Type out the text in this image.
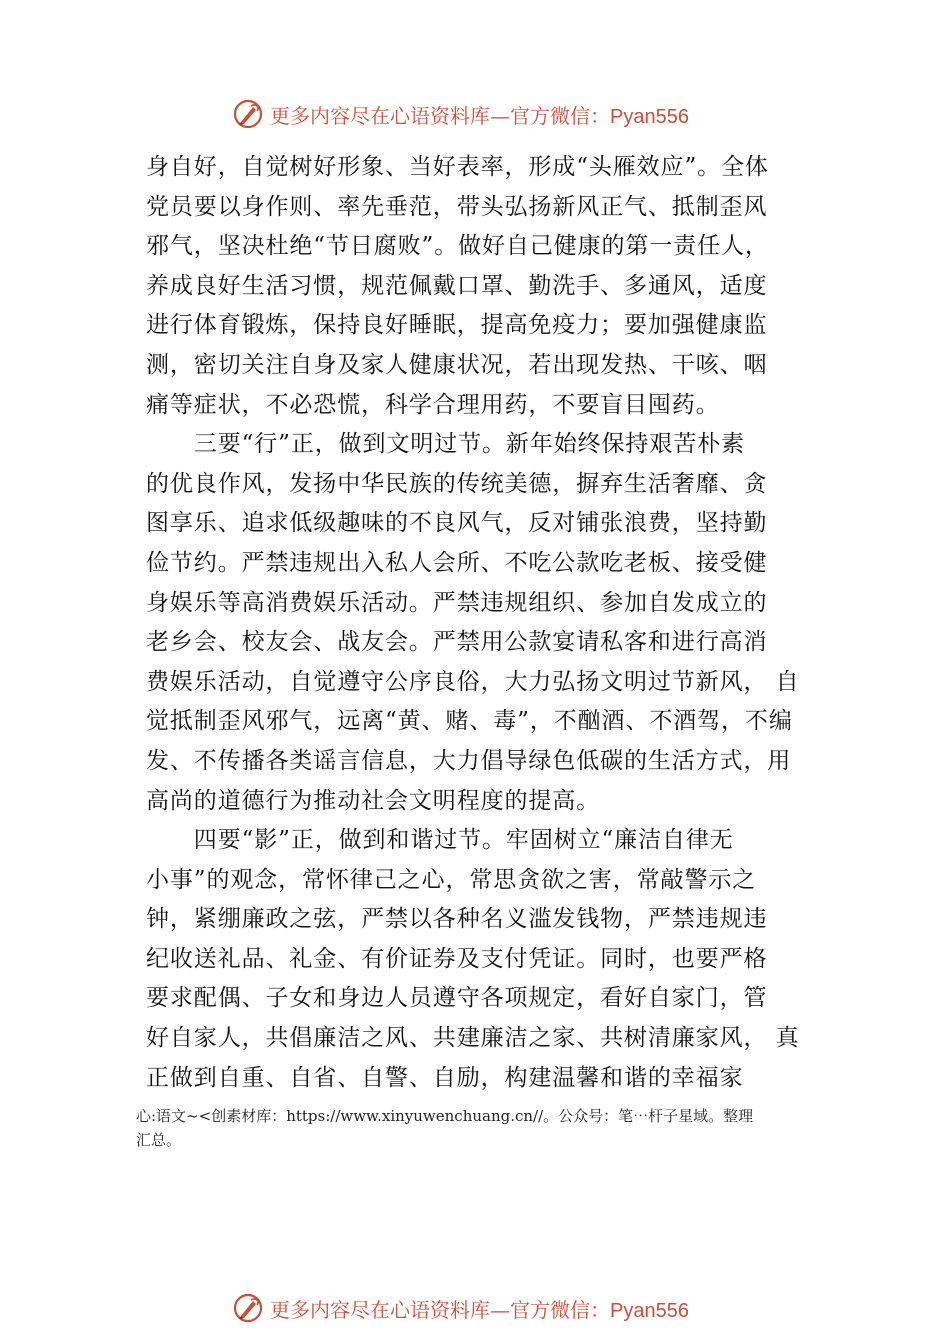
更多内容尽在心语资料库—官方微信：Pyan556
身自好，自觉树好形象、当好表率，形成“头雁效应”。全体
党员要以身作则、率先垂范，带头弘扬新风正气、抵制歪风
邪气，坚决杜绝“节日腐败”。做好自己健康的第一责任人，
养成良好生活习惯，规范佩戴口罩、勤洗手、多通风，适度
进行体育锻炼，保持良好睡眠，提高免疫力；要加强健康监
测，密切关注自身及家人健康状况，若出现发热、干咳、咽
痛等症状，不必恐慌，科学合理用药，不要盲目囤药。
　　三要“行”正，做到文明过节。新年始终保持艰苦朴素
的优良作风，发扬中华民族的传统美德，摒弃生活奢靡、贪
图享乐、追求低级趣味的不良风气，反对铺张浪费，坚持勤
俭节约。严禁违规出入私人会所、不吃公款吃老板、接受健
身娱乐等高消费娱乐活动。严禁违规组织、参加自发成立的
老乡会、校友会、战友会。严禁用公款宴请私客和进行高消
费娱乐活动，自觉遵守公序良俗，大力弘扬文明过节新风， 自
觉抵制歪风邪气，远离“黄、赌、毒”，不酗酒、不酒驾，不编
发、不传播各类谣言信息，大力倡导绿色低碳的生活方式，用
高尚的道德行为推动社会文明程度的提高。
　　四要“影”正，做到和谐过节。牢固树立“廉洁自律无
小事”的观念，常怀律己之心，常思贪欲之害，常敲警示之
钟，紧绷廉政之弦，严禁以各种名义滥发钱物，严禁违规违
纪收送礼品、礼金、有价证券及支付凭证。同时，也要严格
要求配偶、子女和身边人员遵守各项规定，看好自家门，管
好自家人，共倡廉洁之风、共建廉洁之家、共树清廉家风， 真
正做到自重、自省、自警、自励，构建温馨和谐的幸福家
心:语文~<创素材库：https://www.xinyuwenchuang.cn//。公众号：笔⋯杆子星域。整理
汇总。
更多内容尽在心语资料库—官方微信：Pyan556
